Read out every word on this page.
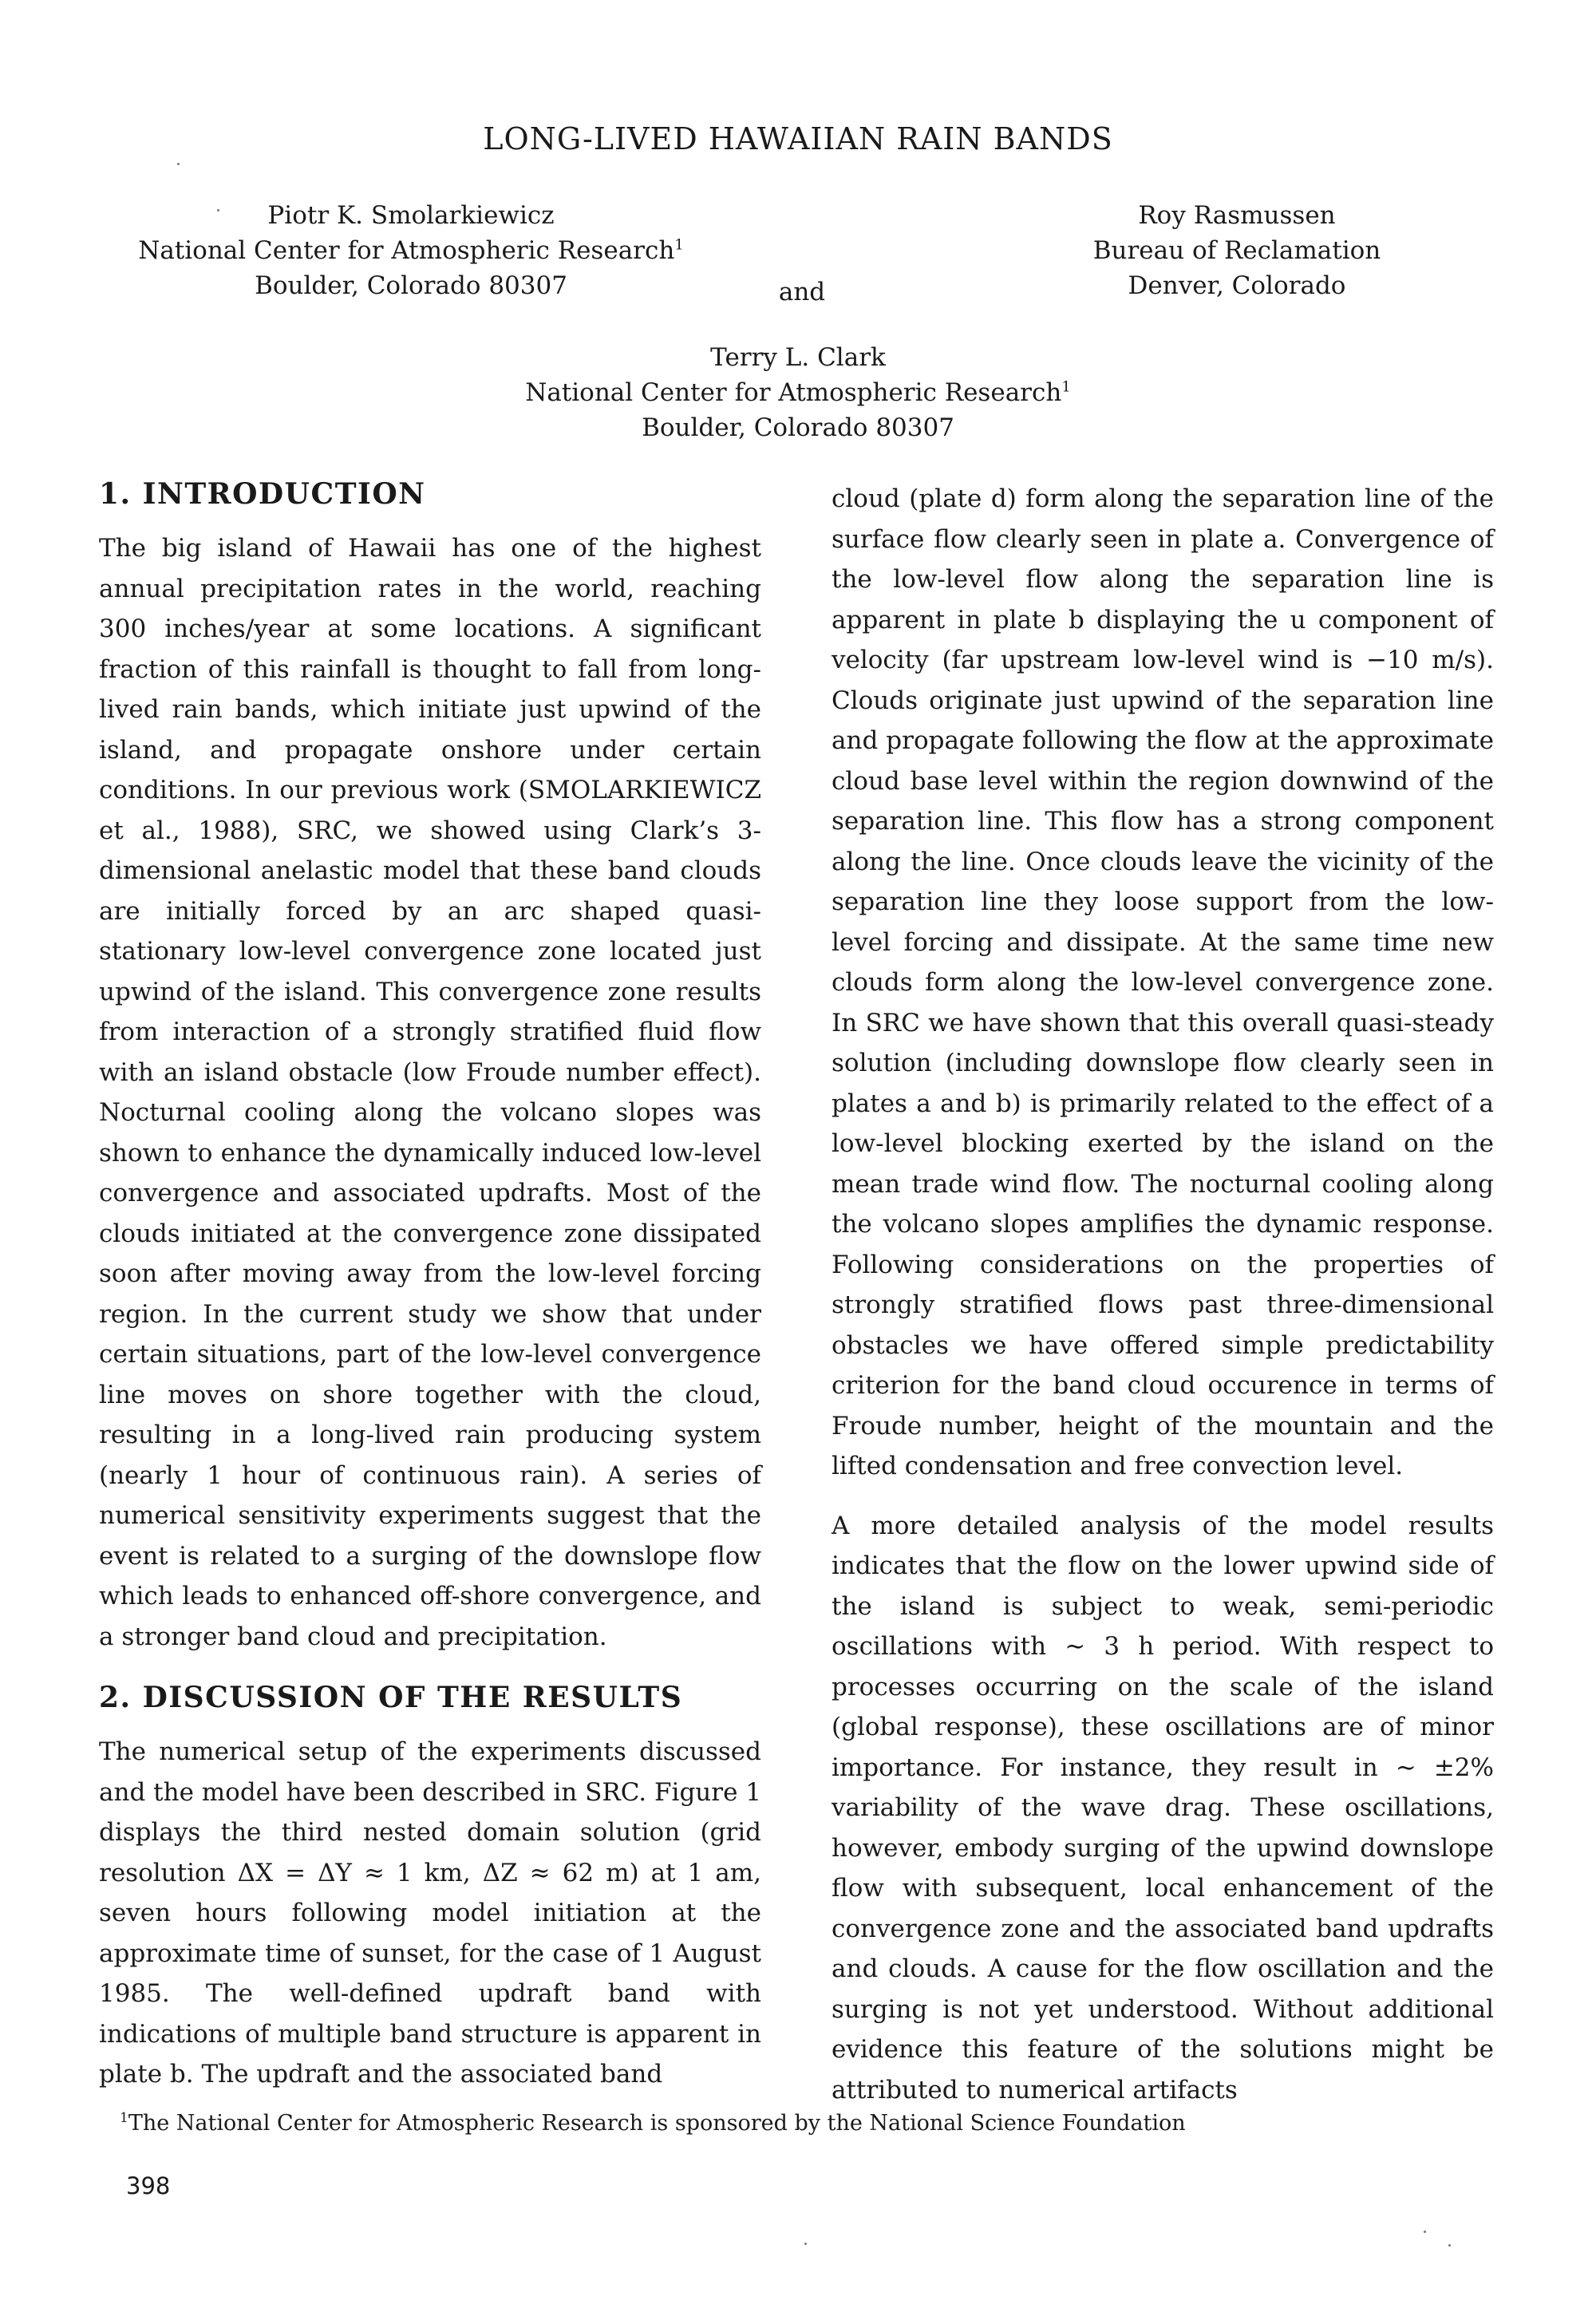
LONG-LIVED HAWAIIAN RAIN BANDS
Piotr K. Smolarkiewicz
National Center for Atmospheric Research$^1$
Boulder, Colorado 80307	and
Roy Rasmussen
Bureau of Reclamation
Denver, Colorado
Terry L. Clark
National Center for Atmospheric Research$^1$
Boulder, Colorado 80307
1. INTRODUCTION

The big island of Hawaii has one of the highest annual precipitation rates in the world, reaching 300 inches/year at some locations. A significant fraction of this rainfall is thought to fall from long-lived rain bands, which initiate just upwind of the island, and propagate onshore under certain conditions. In our previous work (SMOLARKIEWICZ et al., 1988), SRC, we showed using Clark’s 3-dimensional anelastic model that these band clouds are initially forced by an arc shaped quasi-stationary low-level convergence zone located just upwind of the island. This convergence zone results from interaction of a strongly stratified fluid flow with an island obstacle (low Froude number effect). Nocturnal cooling along the volcano slopes was shown to enhance the dynamically induced low-level convergence and associated updrafts. Most of the clouds initiated at the convergence zone dissipated soon after moving away from the low-level forcing region. In the current study we show that under certain situations, part of the low-level convergence line moves on shore together with the cloud, resulting in a long-lived rain producing system (nearly 1 hour of continuous rain). A series of numerical sensitivity experiments suggest that the event is related to a surging of the downslope flow which leads to enhanced off-shore convergence, and a stronger band cloud and precipitation.

2. DISCUSSION OF THE RESULTS

The numerical setup of the experiments discussed and the model have been described in SRC. Figure 1 displays the third nested domain solution (grid resolution ΔX = ΔY ≈ 1 km, ΔZ ≈ 62 m) at 1 am, seven hours following model initiation at the approximate time of sunset, for the case of 1 August 1985. The well-defined updraft band with indications of multiple band structure is apparent in plate b. The updraft and the associated band

cloud (plate d) form along the separation line of the surface flow clearly seen in plate a. Convergence of the low-level flow along the separation line is apparent in plate b displaying the u component of velocity (far upstream low-level wind is −10 m/s). Clouds originate just upwind of the separation line and propagate following the flow at the approximate cloud base level within the region downwind of the separation line. This flow has a strong component along the line. Once clouds leave the vicinity of the separation line they loose support from the low-level forcing and dissipate. At the same time new clouds form along the low-level convergence zone. In SRC we have shown that this overall quasi-steady solution (including downslope flow clearly seen in plates a and b) is primarily related to the effect of a low-level blocking exerted by the island on the mean trade wind flow. The nocturnal cooling along the volcano slopes amplifies the dynamic response. Following considerations on the properties of strongly stratified flows past three-dimensional obstacles we have offered simple predictability criterion for the band cloud occurence in terms of Froude number, height of the mountain and the lifted condensation and free convection level.

A more detailed analysis of the model results indicates that the flow on the lower upwind side of the island is subject to weak, semi-periodic oscillations with ∼ 3 h period. With respect to processes occurring on the scale of the island (global response), these oscillations are of minor importance. For instance, they result in ∼ ±2% variability of the wave drag. These oscillations, however, embody surging of the upwind downslope flow with subsequent, local enhancement of the convergence zone and the associated band updrafts and clouds. A cause for the flow oscillation and the surging is not yet understood. Without additional evidence this feature of the solutions might be attributed to numerical artifacts

$^1$The National Center for Atmospheric Research is sponsored by the National Science Foundation
398
